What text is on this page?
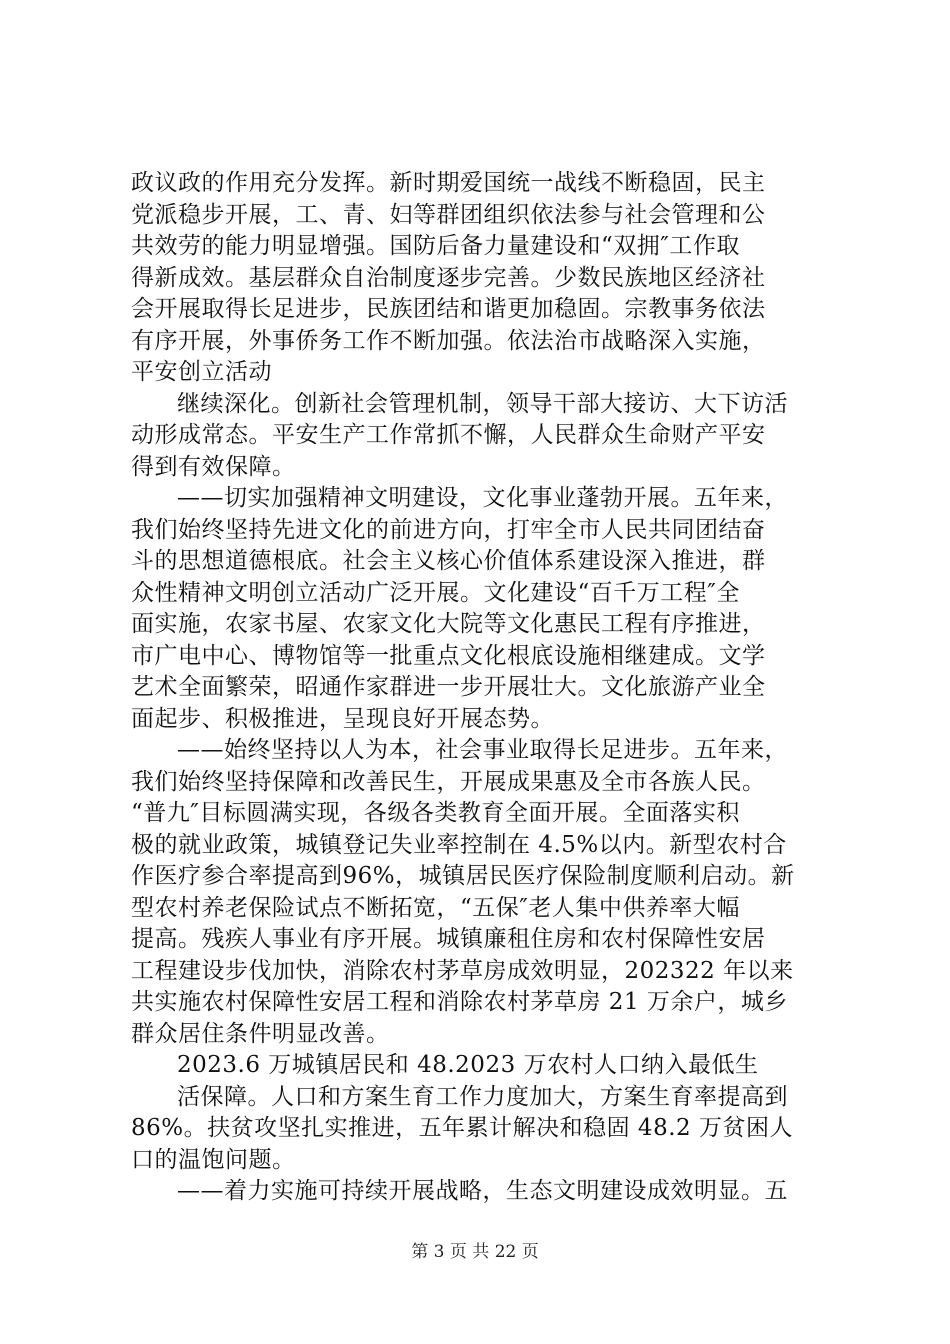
政议政的作用充分发挥。新时期爱国统一战线不断稳固，民主
党派稳步开展，工、青、妇等群团组织依法参与社会管理和公
共效劳的能力明显增强。国防后备力量建设和“双拥″工作取
得新成效。基层群众自治制度逐步完善。少数民族地区经济社
会开展取得长足进步，民族团结和谐更加稳固。宗教事务依法
有序开展，外事侨务工作不断加强。依法治市战略深入实施，
平安创立活动
继续深化。创新社会管理机制，领导干部大接访、大下访活
动形成常态。平安生产工作常抓不懈，人民群众生命财产平安
得到有效保障。
——切实加强精神文明建设，文化事业蓬勃开展。五年来，
我们始终坚持先进文化的前进方向，打牢全市人民共同团结奋
斗的思想道德根底。社会主义核心价值体系建设深入推进，群
众性精神文明创立活动广泛开展。文化建设“百千万工程″全
面实施，农家书屋、农家文化大院等文化惠民工程有序推进，
市广电中心、博物馆等一批重点文化根底设施相继建成。文学
艺术全面繁荣，昭通作家群进一步开展壮大。文化旅游产业全
面起步、积极推进，呈现良好开展态势。
——始终坚持以人为本，社会事业取得长足进步。五年来，
我们始终坚持保障和改善民生，开展成果惠及全市各族人民。
“普九″目标圆满实现，各级各类教育全面开展。全面落实积
极的就业政策，城镇登记失业率控制在 4.5%以内。新型农村合
作医疗参合率提高到96%，城镇居民医疗保险制度顺利启动。新
型农村养老保险试点不断拓宽，“五保″老人集中供养率大幅
提高。残疾人事业有序开展。城镇廉租住房和农村保障性安居
工程建设步伐加快，消除农村茅草房成效明显，202322 年以来
共实施农村保障性安居工程和消除农村茅草房 21 万余户，城乡
群众居住条件明显改善。
2023.6 万城镇居民和 48.2023 万农村人口纳入最低生
活保障。人口和方案生育工作力度加大，方案生育率提高到
86%。扶贫攻坚扎实推进，五年累计解决和稳固 48.2 万贫困人
口的温饱问题。
——着力实施可持续开展战略，生态文明建设成效明显。五
第 3 页 共 22 页
